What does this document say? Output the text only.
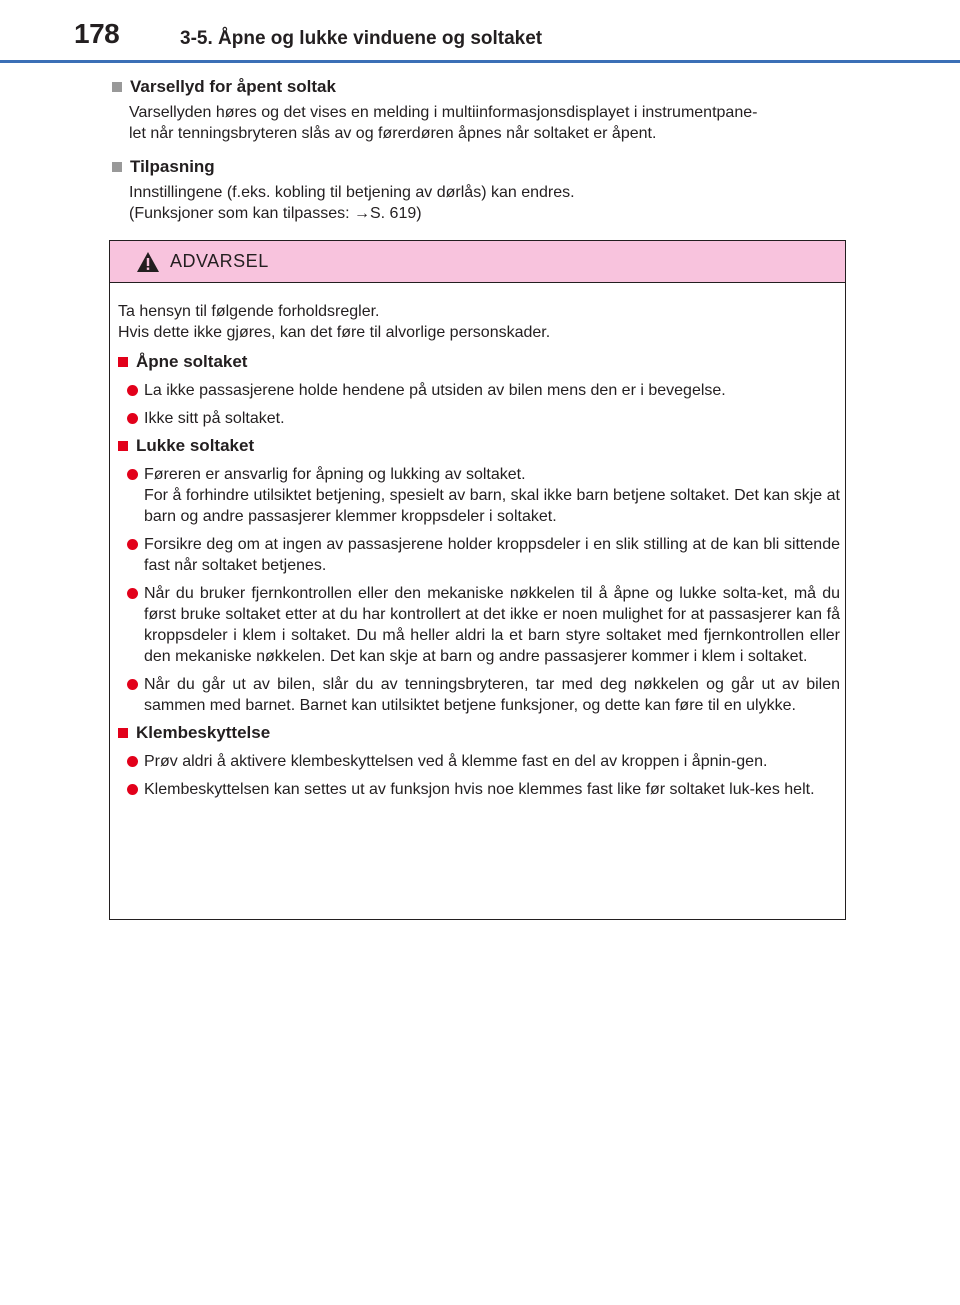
178	3-5. Åpne og lukke vinduene og soltaket
Varsellyd for åpent soltak
Varsellyden høres og det vises en melding i multiinformasjonsdisplayet i instrumentpane-
let når tenningsbryteren slås av og førerdøren åpnes når soltaket er åpent.
Tilpasning
Innstillingene (f.eks. kobling til betjening av dørlås) kan endres.
(Funksjoner som kan tilpasses: →S. 619)
ADVARSEL
Ta hensyn til følgende forholdsregler.
Hvis dette ikke gjøres, kan det føre til alvorlige personskader.
Åpne soltaket
La ikke passasjerene holde hendene på utsiden av bilen mens den er i bevegelse.
Ikke sitt på soltaket.
Lukke soltaket
Føreren er ansvarlig for åpning og lukking av soltaket.
For å forhindre utilsiktet betjening, spesielt av barn, skal ikke barn betjene soltaket. Det kan skje at barn og andre passasjerer klemmer kroppsdeler i soltaket.
Forsikre deg om at ingen av passasjerene holder kroppsdeler i en slik stilling at de kan bli sittende fast når soltaket betjenes.
Når du bruker fjernkontrollen eller den mekaniske nøkkelen til å åpne og lukke solta-ket, må du først bruke soltaket etter at du har kontrollert at det ikke er noen mulighet for at passasjerer kan få kroppsdeler i klem i soltaket. Du må heller aldri la et barn styre soltaket med fjernkontrollen eller den mekaniske nøkkelen. Det kan skje at barn og andre passasjerer kommer i klem i soltaket.
Når du går ut av bilen, slår du av tenningsbryteren, tar med deg nøkkelen og går ut av bilen sammen med barnet. Barnet kan utilsiktet betjene funksjoner, og dette kan føre til en ulykke.
Klembeskyttelse
Prøv aldri å aktivere klembeskyttelsen ved å klemme fast en del av kroppen i åpnin-gen.
Klembeskyttelsen kan settes ut av funksjon hvis noe klemmes fast like før soltaket luk-kes helt.
